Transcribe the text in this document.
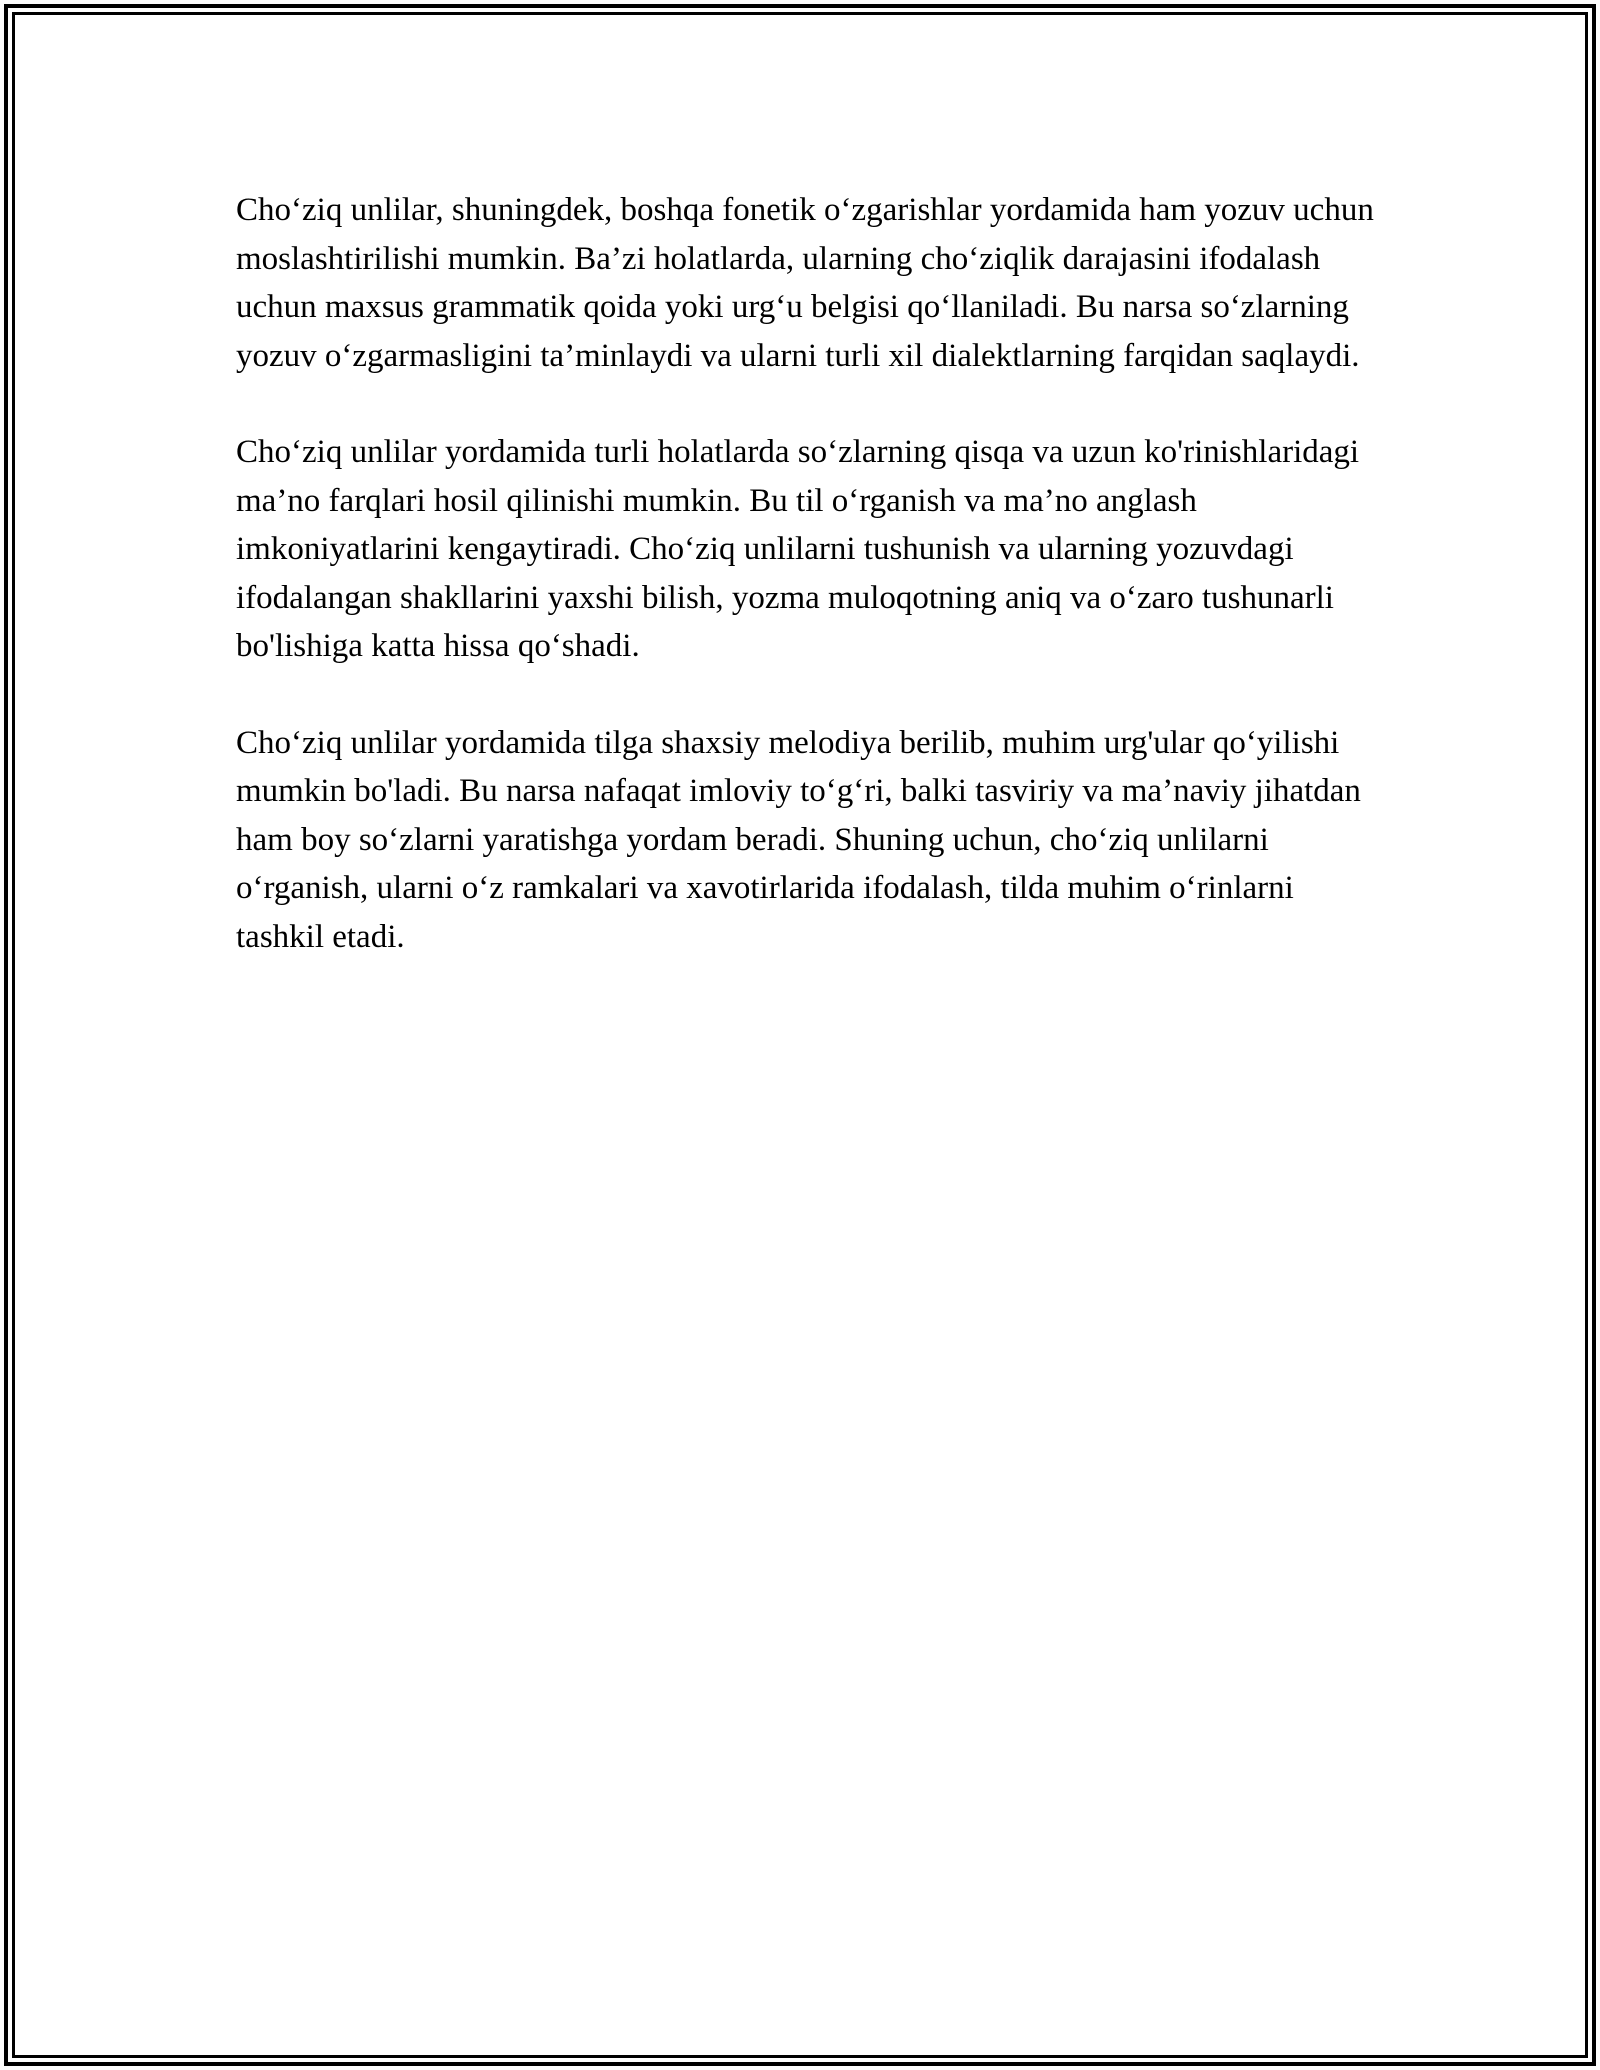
Cho‘ziq unlilar, shuningdek, boshqa fonetik o‘zgarishlar yordamida ham yozuv uchun moslashtirilishi mumkin. Ba’zi holatlarda, ularning cho‘ziqlik darajasini ifodalash uchun maxsus grammatik qoida yoki urg‘u belgisi qo‘llaniladi. Bu narsa so‘zlarning yozuv o‘zgarmasligini ta’minlaydi va ularni turli xil dialektlarning farqidan saqlaydi.

Cho‘ziq unlilar yordamida turli holatlarda so‘zlarning qisqa va uzun ko'rinishlaridagi ma’no farqlari hosil qilinishi mumkin. Bu til o‘rganish va ma’no anglash imkoniyatlarini kengaytiradi. Cho‘ziq unlilarni tushunish va ularning yozuvdagi ifodalangan shakllarini yaxshi bilish, yozma muloqotning aniq va o‘zaro tushunarli bo'lishiga katta hissa qo‘shadi.

Cho‘ziq unlilar yordamida tilga shaxsiy melodiya berilib, muhim urg'ular qo‘yilishi mumkin bo'ladi. Bu narsa nafaqat imloviy to‘g‘ri, balki tasviriy va ma’naviy jihatdan ham boy so‘zlarni yaratishga yordam beradi. Shuning uchun, cho‘ziq unlilarni o‘rganish, ularni o‘z ramkalari va xavotirlarida ifodalash, tilda muhim o‘rinlarni tashkil etadi.
